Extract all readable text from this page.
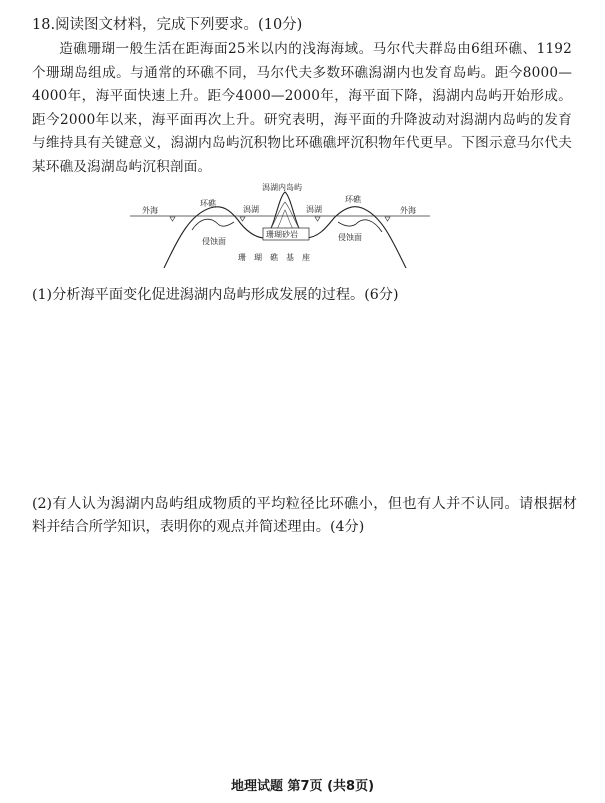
18.阅读图文材料，完成下列要求。(10分)
造礁珊瑚一般生活在距海面25米以内的浅海海域。马尔代夫群岛由6组环礁、1192个珊瑚岛组成。与通常的环礁不同，马尔代夫多数环礁潟湖内也发育岛屿。距今8000—4000年，海平面快速上升。距今4000—2000年，海平面下降，潟湖内岛屿开始形成。距今2000年以来，海平面再次上升。研究表明，海平面的升降波动对潟湖内岛屿的发育与维持具有关键意义，潟湖内岛屿沉积物比环礁礁坪沉积物年代更早。下图示意马尔代夫某环礁及潟湖岛屿沉积剖面。
外海	外海
环礁	环礁
潟湖内岛屿
潟湖	潟湖
侵蚀面	侵蚀面
珊瑚砂岩
珊　瑚　礁　基　座
(1)分析海平面变化促进潟湖内岛屿形成发展的过程。(6分)
(2)有人认为潟湖内岛屿组成物质的平均粒径比环礁小，但也有人并不认同。请根据材料并结合所学知识，表明你的观点并简述理由。(4分)
地理试题 第7页 (共8页)
